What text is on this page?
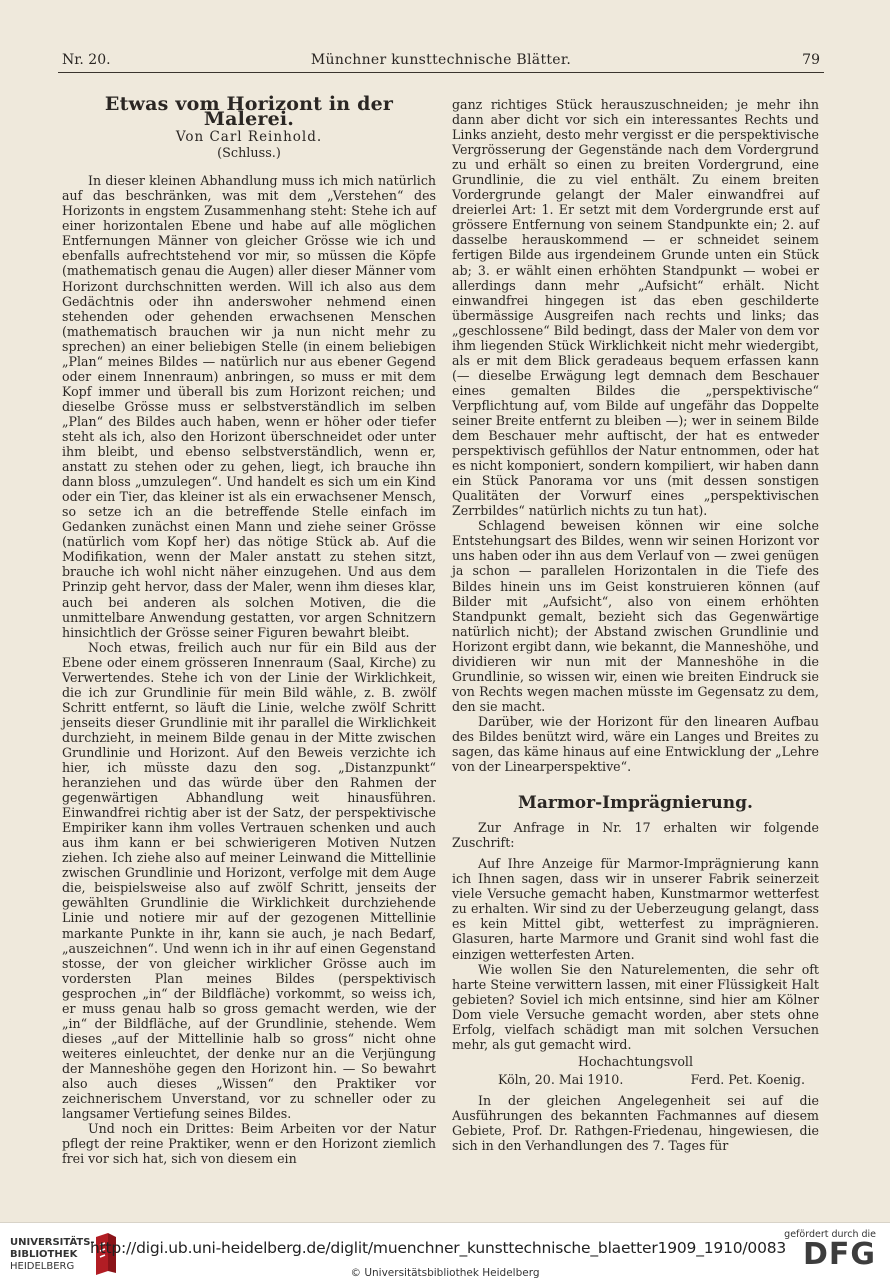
Nr. 20.	Münchner kunsttechnische Blätter.	79
Etwas vom Horizont in der Malerei.
Von Carl Reinhold.
(Schluss.)

In dieser kleinen Abhandlung muss ich mich natürlich auf das beschränken, was mit dem „Verstehen“ des Horizonts in engstem Zusammenhang steht: Stehe ich auf einer horizontalen Ebene und habe auf alle möglichen Entfernungen Männer von gleicher Grösse wie ich und ebenfalls aufrechtstehend vor mir, so müssen die Köpfe (mathematisch genau die Augen) aller dieser Männer vom Horizont durchschnitten werden. Will ich also aus dem Gedächtnis oder ihn anderswoher nehmend einen stehenden oder gehenden erwachsenen Menschen (mathematisch brauchen wir ja nun nicht mehr zu sprechen) an einer beliebigen Stelle (in einem beliebigen „Plan“ meines Bildes — natürlich nur aus ebener Gegend oder einem Innenraum) anbringen, so muss er mit dem Kopf immer und überall bis zum Horizont reichen; und dieselbe Grösse muss er selbstverständlich im selben „Plan“ des Bildes auch haben, wenn er höher oder tiefer steht als ich, also den Horizont überschneidet oder unter ihm bleibt, und ebenso selbstverständlich, wenn er, anstatt zu stehen oder zu gehen, liegt, ich brauche ihn dann bloss „umzulegen“. Und handelt es sich um ein Kind oder ein Tier, das kleiner ist als ein erwachsener Mensch, so setze ich an die betreffende Stelle einfach im Gedanken zunächst einen Mann und ziehe seiner Grösse (natürlich vom Kopf her) das nötige Stück ab. Auf die Modifikation, wenn der Maler anstatt zu stehen sitzt, brauche ich wohl nicht näher einzugehen. Und aus dem Prinzip geht hervor, dass der Maler, wenn ihm dieses klar, auch bei anderen als solchen Motiven, die die unmittelbare Anwendung gestatten, vor argen Schnitzern hinsichtlich der Grösse seiner Figuren bewahrt bleibt.

Noch etwas, freilich auch nur für ein Bild aus der Ebene oder einem grösseren Innenraum (Saal, Kirche) zu Verwertendes. Stehe ich von der Linie der Wirklichkeit, die ich zur Grundlinie für mein Bild wähle, z. B. zwölf Schritt entfernt, so läuft die Linie, welche zwölf Schritt jenseits dieser Grundlinie mit ihr parallel die Wirklichkeit durchzieht, in meinem Bilde genau in der Mitte zwischen Grundlinie und Horizont. Auf den Beweis verzichte ich hier, ich müsste dazu den sog. „Distanzpunkt“ heranziehen und das würde über den Rahmen der gegenwärtigen Abhandlung weit hinausführen. Einwandfrei richtig aber ist der Satz, der perspektivische Empiriker kann ihm volles Vertrauen schenken und auch aus ihm kann er bei schwierigeren Motiven Nutzen ziehen. Ich ziehe also auf meiner Leinwand die Mittellinie zwischen Grundlinie und Horizont, verfolge mit dem Auge die, beispielsweise also auf zwölf Schritt, jenseits der gewählten Grundlinie die Wirklichkeit durchziehende Linie und notiere mir auf der gezogenen Mittellinie markante Punkte in ihr, kann sie auch, je nach Bedarf, „auszeichnen“. Und wenn ich in ihr auf einen Gegenstand stosse, der von gleicher wirklicher Grösse auch im vordersten Plan meines Bildes (perspektivisch gesprochen „in“ der Bildfläche) vorkommt, so weiss ich, er muss genau halb so gross gemacht werden, wie der „in“ der Bildfläche, auf der Grundlinie, stehende. Wem dieses „auf der Mittellinie halb so gross“ nicht ohne weiteres einleuchtet, der denke nur an die Verjüngung der Manneshöhe gegen den Horizont hin. — So bewahrt also auch dieses „Wissen“ den Praktiker vor zeichnerischem Unverstand, vor zu schneller oder zu langsamer Vertiefung seines Bildes.

Und noch ein Drittes: Beim Arbeiten vor der Natur pflegt der reine Praktiker, wenn er den Horizont ziemlich frei vor sich hat, sich von diesem ein

ganz richtiges Stück herauszuschneiden; je mehr ihn dann aber dicht vor sich ein interessantes Rechts und Links anzieht, desto mehr vergisst er die perspektivische Vergrösserung der Gegenstände nach dem Vordergrund zu und erhält so einen zu breiten Vordergrund, eine Grundlinie, die zu viel enthält. Zu einem breiten Vordergrunde gelangt der Maler einwandfrei auf dreierlei Art: 1. Er setzt mit dem Vordergrunde erst auf grössere Entfernung von seinem Standpunkte ein; 2. auf dasselbe herauskommend — er schneidet seinem fertigen Bilde aus irgendeinem Grunde unten ein Stück ab; 3. er wählt einen erhöhten Standpunkt — wobei er allerdings dann mehr „Aufsicht“ erhält. Nicht einwandfrei hingegen ist das eben geschilderte übermässige Ausgreifen nach rechts und links; das „geschlossene“ Bild bedingt, dass der Maler von dem vor ihm liegenden Stück Wirklichkeit nicht mehr wiedergibt, als er mit dem Blick geradeaus bequem erfassen kann (— dieselbe Erwägung legt demnach dem Beschauer eines gemalten Bildes die „perspektivische“ Verpflichtung auf, vom Bilde auf ungefähr das Doppelte seiner Breite entfernt zu bleiben —); wer in seinem Bilde dem Beschauer mehr auftischt, der hat es entweder perspektivisch gefühllos der Natur entnommen, oder hat es nicht komponiert, sondern kompiliert, wir haben dann ein Stück Panorama vor uns (mit dessen sonstigen Qualitäten der Vorwurf eines „perspektivischen Zerrbildes“ natürlich nichts zu tun hat).

Schlagend beweisen können wir eine solche Entstehungsart des Bildes, wenn wir seinen Horizont vor uns haben oder ihn aus dem Verlauf von — zwei genügen ja schon — parallelen Horizontalen in die Tiefe des Bildes hinein uns im Geist konstruieren können (auf Bilder mit „Aufsicht“, also von einem erhöhten Standpunkt gemalt, bezieht sich das Gegenwärtige natürlich nicht); der Abstand zwischen Grundlinie und Horizont ergibt dann, wie bekannt, die Manneshöhe, und dividieren wir nun mit der Manneshöhe in die Grundlinie, so wissen wir, einen wie breiten Eindruck sie von Rechts wegen machen müsste im Gegensatz zu dem, den sie macht.

Darüber, wie der Horizont für den linearen Aufbau des Bildes benützt wird, wäre ein Langes und Breites zu sagen, das käme hinaus auf eine Entwicklung der „Lehre von der Linearperspektive“.

Marmor-Imprägnierung.

Zur Anfrage in Nr. 17 erhalten wir folgende Zuschrift:

Auf Ihre Anzeige für Marmor-Imprägnierung kann ich Ihnen sagen, dass wir in unserer Fabrik seinerzeit viele Versuche gemacht haben, Kunstmarmor wetterfest zu erhalten. Wir sind zu der Ueberzeugung gelangt, dass es kein Mittel gibt, wetterfest zu imprägnieren. Glasuren, harte Marmore und Granit sind wohl fast die einzigen wetterfesten Arten.

Wie wollen Sie den Naturelementen, die sehr oft harte Steine verwittern lassen, mit einer Flüssigkeit Halt gebieten? Soviel ich mich entsinne, sind hier am Kölner Dom viele Versuche gemacht worden, aber stets ohne Erfolg, vielfach schädigt man mit solchen Versuchen mehr, als gut gemacht wird.

Hochachtungsvoll

Köln, 20. Mai 1910.	Ferd. Pet. Koenig.

In der gleichen Angelegenheit sei auf die Ausführungen des bekannten Fachmannes auf diesem Gebiete, Prof. Dr. Rathgen-Friedenau, hingewiesen, die sich in den Verhandlungen des 7. Tages für

UNIVERSITÄTS-
BIBLIOTHEK
HEIDELBERG
http://digi.ub.uni-heidelberg.de/diglit/muenchner_kunsttechnische_blaetter1909_1910/0083
© Universitätsbibliothek Heidelberg
gefördert durch die
DFG
